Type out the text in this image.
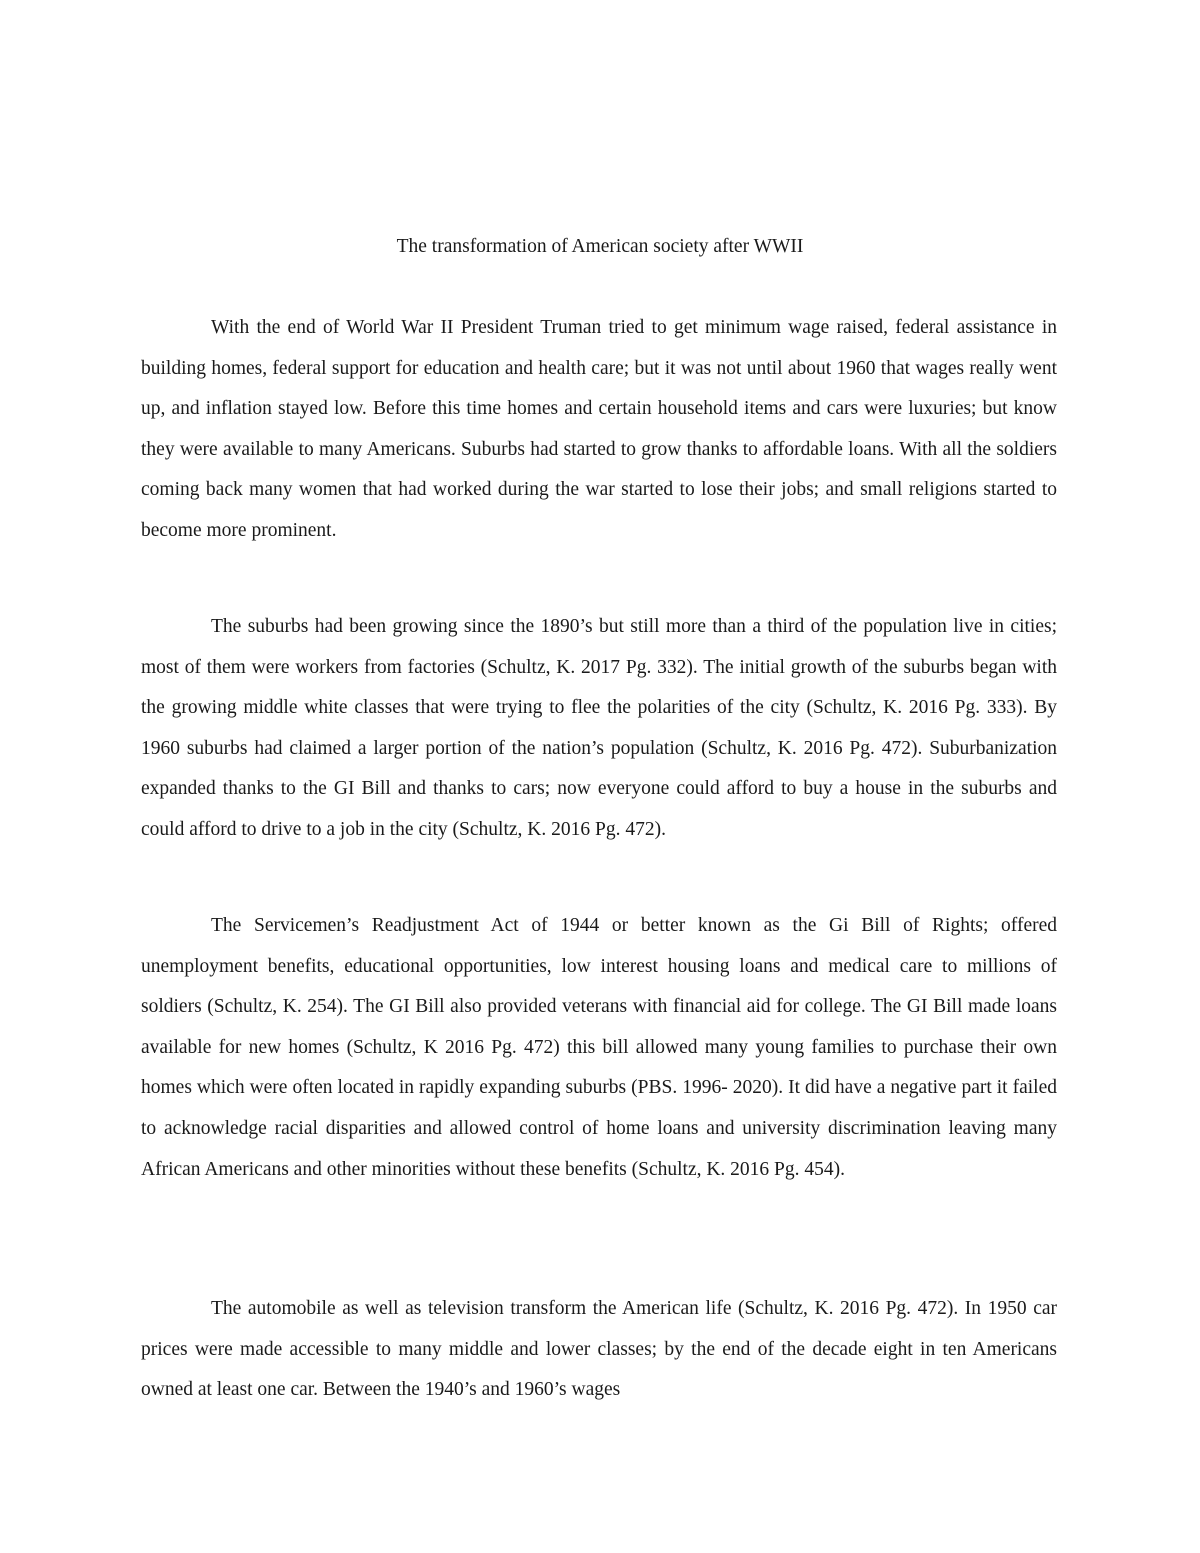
The transformation of American society after WWII

With the end of World War II President Truman tried to get minimum wage raised, federal assistance in building homes, federal support for education and health care; but it was not until about 1960 that wages really went up, and inflation stayed low. Before this time homes and certain household items and cars were luxuries; but know they were available to many Americans. Suburbs had started to grow thanks to affordable loans. With all the soldiers coming back many women that had worked during the war started to lose their jobs; and small religions started to become more prominent.

The suburbs had been growing since the 1890’s but still more than a third of the population live in cities; most of them were workers from factories (Schultz, K. 2017 Pg. 332). The initial growth of the suburbs began with the growing middle white classes that were trying to flee the polarities of the city (Schultz, K. 2016 Pg. 333). By 1960 suburbs had claimed a larger portion of the nation’s population (Schultz, K. 2016 Pg. 472). Suburbanization expanded thanks to the GI Bill and thanks to cars; now everyone could afford to buy a house in the suburbs and could afford to drive to a job in the city (Schultz, K. 2016 Pg. 472).

The Servicemen’s Readjustment Act of 1944 or better known as the Gi Bill of Rights; offered unemployment benefits, educational opportunities, low interest housing loans and medical care to millions of soldiers (Schultz, K. 254). The GI Bill also provided veterans with financial aid for college. The GI Bill made loans available for new homes (Schultz, K 2016 Pg. 472) this bill allowed many young families to purchase their own homes which were often located in rapidly expanding suburbs (PBS. 1996- 2020). It did have a negative part it failed to acknowledge racial disparities and allowed control of home loans and university discrimination leaving many African Americans and other minorities without these benefits (Schultz, K. 2016 Pg. 454).

The automobile as well as television transform the American life (Schultz, K. 2016 Pg. 472). In 1950 car prices were made accessible to many middle and lower classes; by the end of the decade eight in ten Americans owned at least one car. Between the 1940’s and 1960’s wages
